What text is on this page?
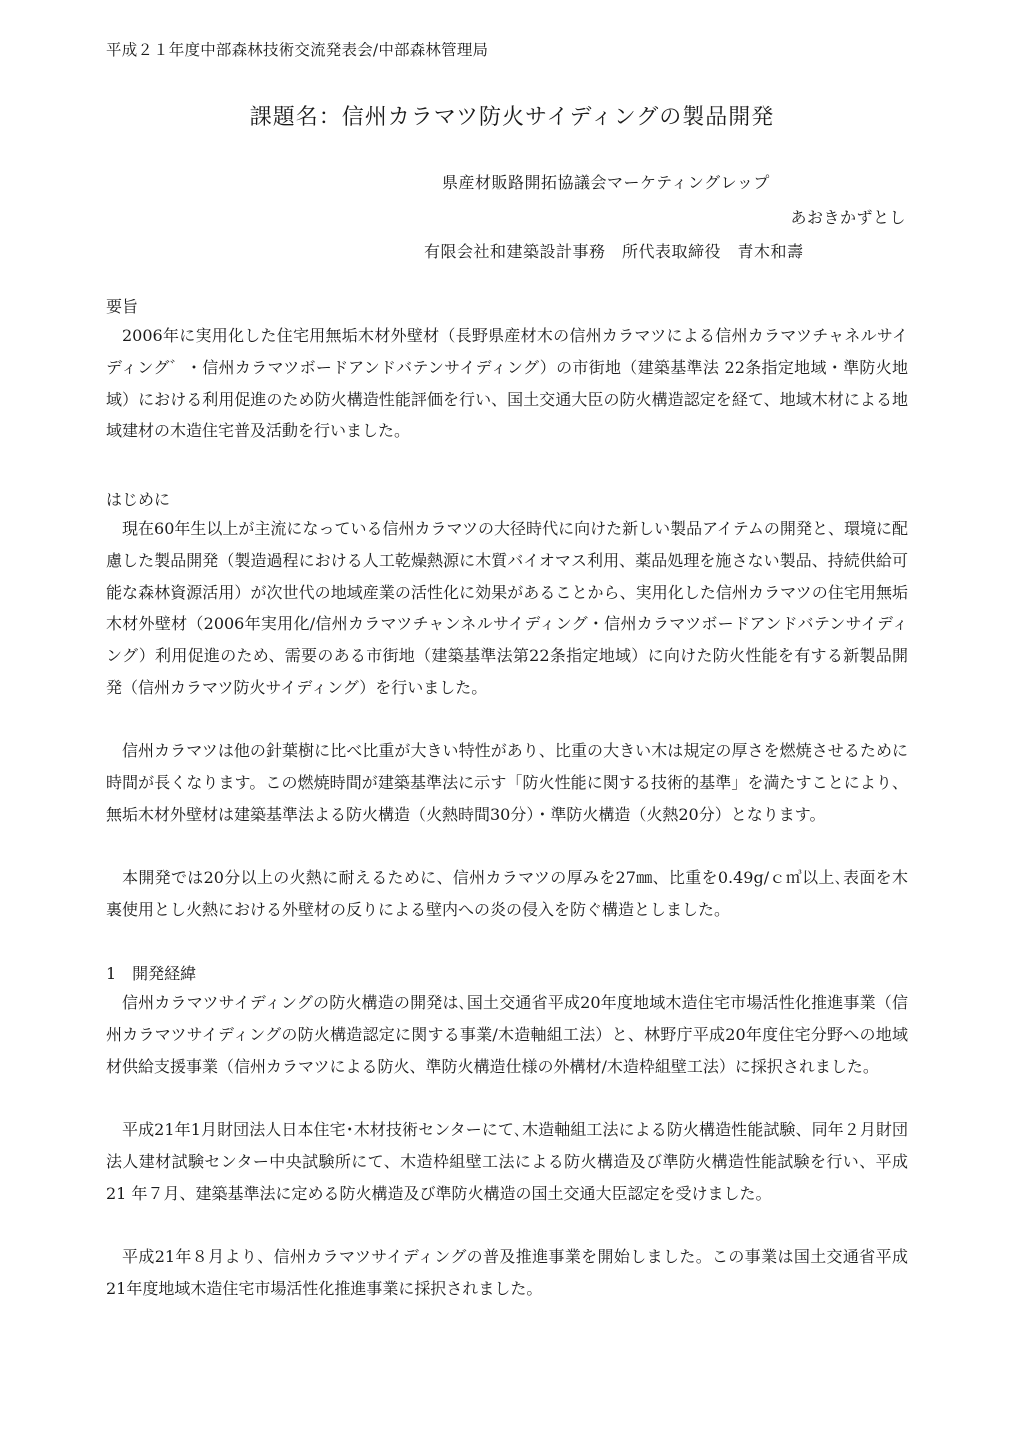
平成２１年度中部森林技術交流発表会/中部森林管理局
課題名：信州カラマツ防火サイディングの製品開発
県産材販路開拓協議会マーケティングレップ
あおきかずとし
有限会社和建築設計事務　所代表取締役　青木和壽
要旨

2006年に実用化した住宅用無垢木材外壁材（長野県産材木の信州カラマツによる信州カラマツチャネルサイディング゛・信州カラマツボードアンドバテンサイディング）の市街地（建築基準法 22条指定地域・準防火地域）における利用促進のため防火構造性能評価を行い、国土交通大臣の防火構造認定を経て、地域木材による地域建材の木造住宅普及活動を行いました。

はじめに

現在60年生以上が主流になっている信州カラマツの大径時代に向けた新しい製品アイテムの開発と、環境に配慮した製品開発（製造過程における人工乾燥熱源に木質バイオマス利用、薬品処理を施さない製品、持続供給可能な森林資源活用）が次世代の地域産業の活性化に効果があることから、実用化した信州カラマツの住宅用無垢木材外壁材（2006年実用化/信州カラマツチャンネルサイディング・信州カラマツボードアンドバテンサイディング）利用促進のため、需要のある市街地（建築基準法第22条指定地域）に向けた防火性能を有する新製品開発（信州カラマツ防火サイディング）を行いました。

信州カラマツは他の針葉樹に比べ比重が大きい特性があり、比重の大きい木は規定の厚さを燃焼させるために時間が長くなります。この燃焼時間が建築基準法に示す「防火性能に関する技術的基準」を満たすことにより、無垢木材外壁材は建築基準法よる防火構造（火熱時間30分）・準防火構造（火熱20分）となります。

本開発では20分以上の火熱に耐えるために、信州カラマツの厚みを27㎜、比重を0.49g/ｃ㎥以上､表面を木裏使用とし火熱における外壁材の反りによる壁内への炎の侵入を防ぐ構造としました。

1　開発経緯

信州カラマツサイディングの防火構造の開発は､国土交通省平成20年度地域木造住宅市場活性化推進事業（信州カラマツサイディングの防火構造認定に関する事業/木造軸組工法）と、林野庁平成20年度住宅分野への地域材供給支援事業（信州カラマツによる防火、準防火構造仕様の外構材/木造枠組壁工法）に採択されました。

平成21年1月財団法人日本住宅･木材技術センターにて､木造軸組工法による防火構造性能試験、同年２月財団法人建材試験センター中央試験所にて、木造枠組壁工法による防火構造及び準防火構造性能試験を行い、平成 21 年７月、建築基準法に定める防火構造及び準防火構造の国土交通大臣認定を受けました。

平成21年８月より、信州カラマツサイディングの普及推進事業を開始しました。この事業は国土交通省平成21年度地域木造住宅市場活性化推進事業に採択されました。
